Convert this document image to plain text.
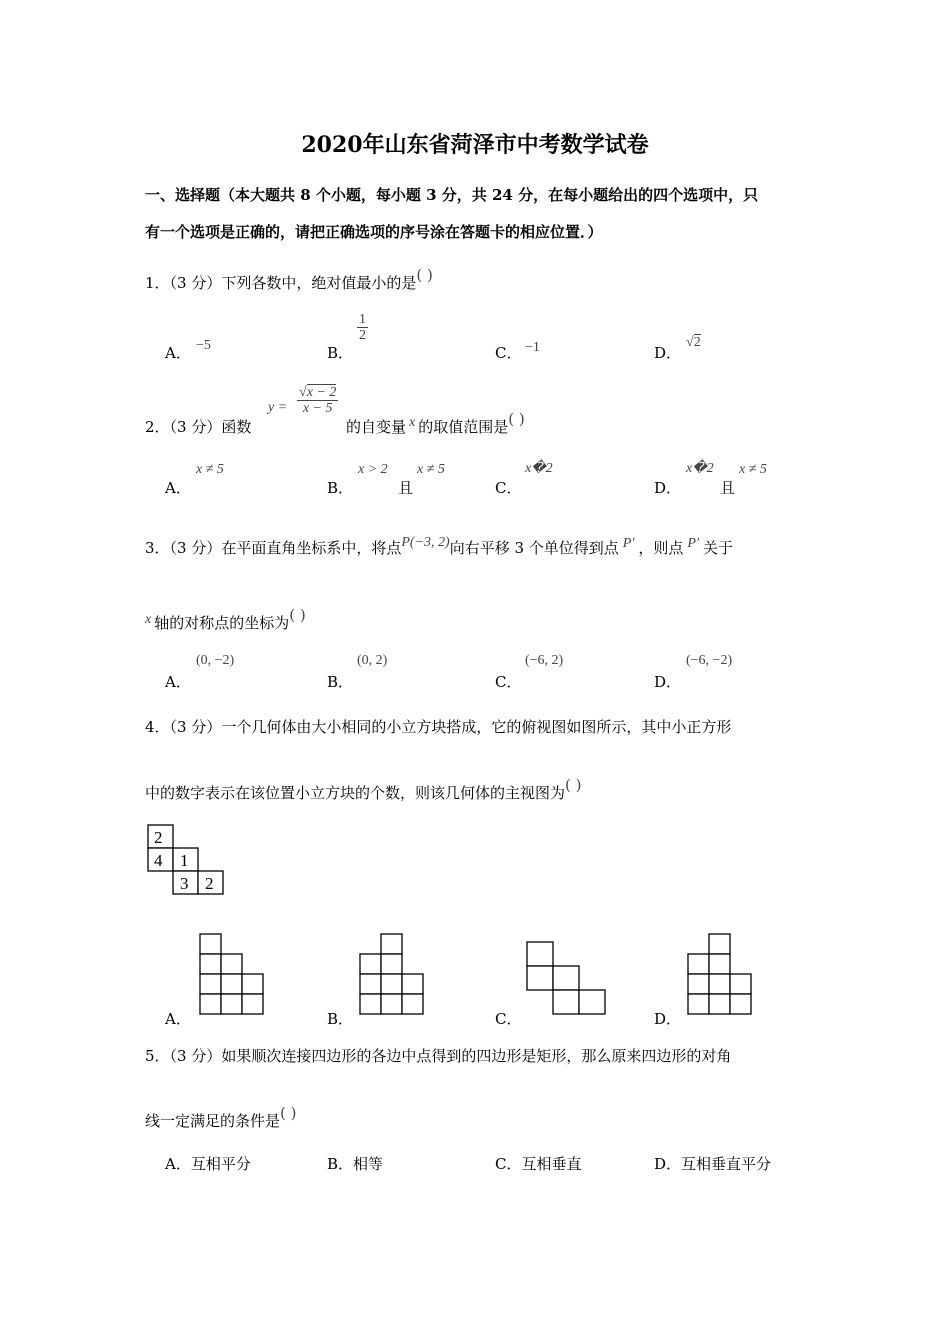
2020年山东省菏泽市中考数学试卷
一、选择题（本大题共 8 个小题，每小题 3 分，共 24 分，在每小题给出的四个选项中，只
有一个选项是正确的，请把正确选项的序号涂在答题卡的相应位置．）
1．（3 分）下列各数中，绝对值最小的是( )
A． −5	B．
$\frac{1}{2}$
C． −1	D．
√2
2．（3 分）函数
$y = \frac{√x - 2}{x - 5}$
的自变量 x 的取值范围是( )
A．
x ≠ 5
B．
x > 2
且
x ≠ 5
C．
x�2
D．
x�2
且
x ≠ 5
3．（3 分）在平面直角坐标系中，将点P(−3, 2)向右平移 3 个单位得到点 P′ ，则点 P′ 关于
x 轴的对称点的坐标为( )
A．
(0, −2)
B．
(0, 2)
C．
(−6, 2)
D．
(−6, −2)
4．（3 分）一个几何体由大小相同的小立方块搭成，它的俯视图如图所示，其中小正方形
中的数字表示在该位置小立方块的个数，则该几何体的主视图为( )
2
4 1
3 2
A．	B．	C．	D．
5．（3 分）如果顺次连接四边形的各边中点得到的四边形是矩形，那么原来四边形的对角
线一定满足的条件是( )
A．互相平分	B．相等	C．互相垂直	D．互相垂直平分
